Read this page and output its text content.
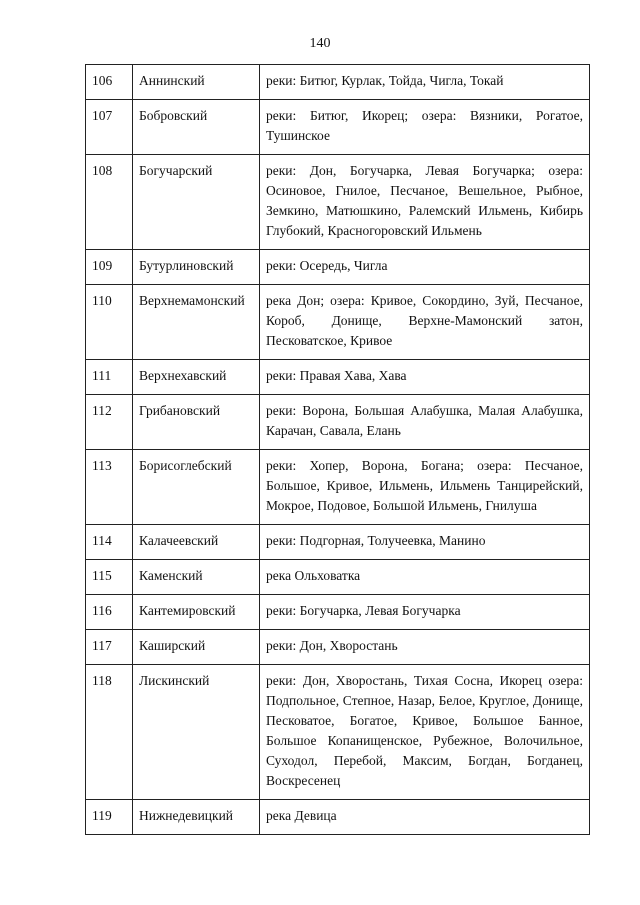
140
106	Аннинский	реки: Битюг, Курлак, Тойда, Чигла, Токай
107	Бобровский	реки: Битюг, Икорец; озера: Вязники, Рогатое, Тушинское
108	Богучарский	реки: Дон, Богучарка, Левая Богучарка; озера: Осиновое, Гнилое, Песчаное, Вешельное, Рыбное, Земкино, Матюшкино, Ралемский Ильмень, Кибирь Глубокий, Красногоровский Ильмень
109	Бутурлиновский	реки: Осередь, Чигла
110	Верхнемамонский	река Дон; озера: Кривое, Сокордино, Зуй, Песчаное, Короб, Донище, Верхне-Мамонский затон, Песковатское, Кривое
111	Верхнехавский	реки: Правая Хава, Хава
112	Грибановский	реки: Ворона, Большая Алабушка, Малая Алабушка, Карачан, Савала, Елань
113	Борисоглебский	реки: Хопер, Ворона, Богана; озера: Песчаное, Большое, Кривое, Ильмень, Ильмень Танцирейский, Мокрое, Подовое, Большой Ильмень, Гнилуша
114	Калачеевский	реки: Подгорная, Толучеевка, Манино
115	Каменский	река Ольховатка
116	Кантемировский	реки: Богучарка, Левая Богучарка
117	Каширский	реки: Дон, Хворостань
118	Лискинский	реки: Дон, Хворостань, Тихая Сосна, Икорец озера: Подпольное, Степное, Назар, Белое, Круглое, Донище, Песковатое, Богатое, Кривое, Большое Банное, Большое Копанищенское, Рубежное, Волочильное, Суходол, Перебой, Максим, Богдан, Богданец, Воскресенец
119	Нижнедевицкий	река Девица
